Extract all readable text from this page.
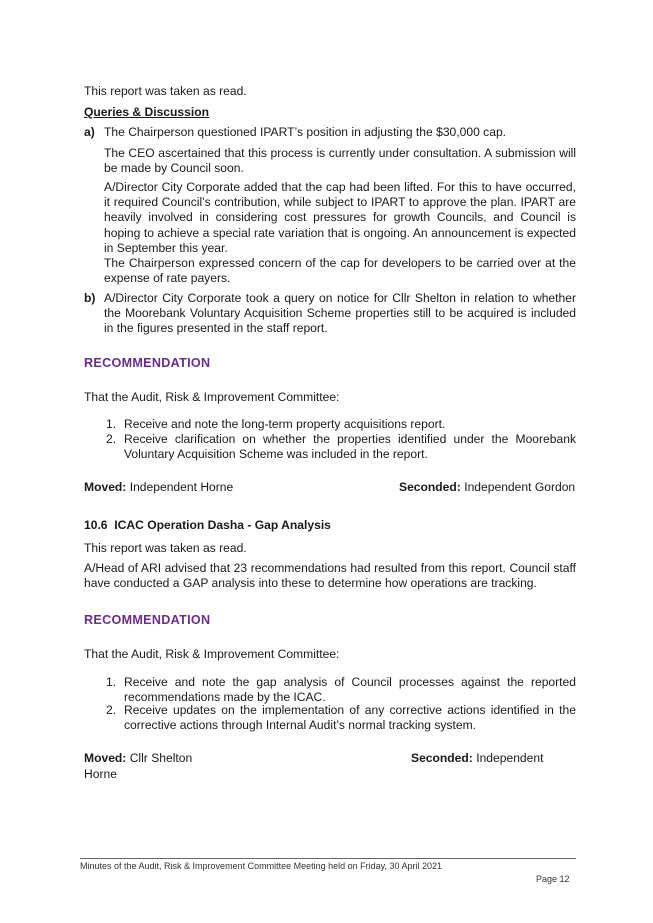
This report was taken as read.
Queries & Discussion
a) The Chairperson questioned IPART’s position in adjusting the $30,000 cap.

The CEO ascertained that this process is currently under consultation. A submission will be made by Council soon.

A/Director City Corporate added that the cap had been lifted. For this to have occurred, it required Council’s contribution, while subject to IPART to approve the plan. IPART are heavily involved in considering cost pressures for growth Councils, and Council is hoping to achieve a special rate variation that is ongoing. An announcement is expected in September this year.

The Chairperson expressed concern of the cap for developers to be carried over at the expense of rate payers.

b) A/Director City Corporate took a query on notice for Cllr Shelton in relation to whether the Moorebank Voluntary Acquisition Scheme properties still to be acquired is included in the figures presented in the staff report.

RECOMMENDATION
That the Audit, Risk & Improvement Committee:
1. Receive and note the long-term property acquisitions report.

2. Receive clarification on whether the properties identified under the Moorebank Voluntary Acquisition Scheme was included in the report.

Moved: Independent Horne	Seconded: Independent Gordon
10.6 ICAC Operation Dasha - Gap Analysis
This report was taken as read.

A/Head of ARI advised that 23 recommendations had resulted from this report. Council staff have conducted a GAP analysis into these to determine how operations are tracking.

RECOMMENDATION
That the Audit, Risk & Improvement Committee:
1. Receive and note the gap analysis of Council processes against the reported recommendations made by the ICAC.

2. Receive updates on the implementation of any corrective actions identified in the corrective actions through Internal Audit’s normal tracking system.

Moved: Cllr Shelton	Seconded: Independent
Horne
Minutes of the Audit, Risk & Improvement Committee Meeting held on Friday, 30 April 2021
Page 12
